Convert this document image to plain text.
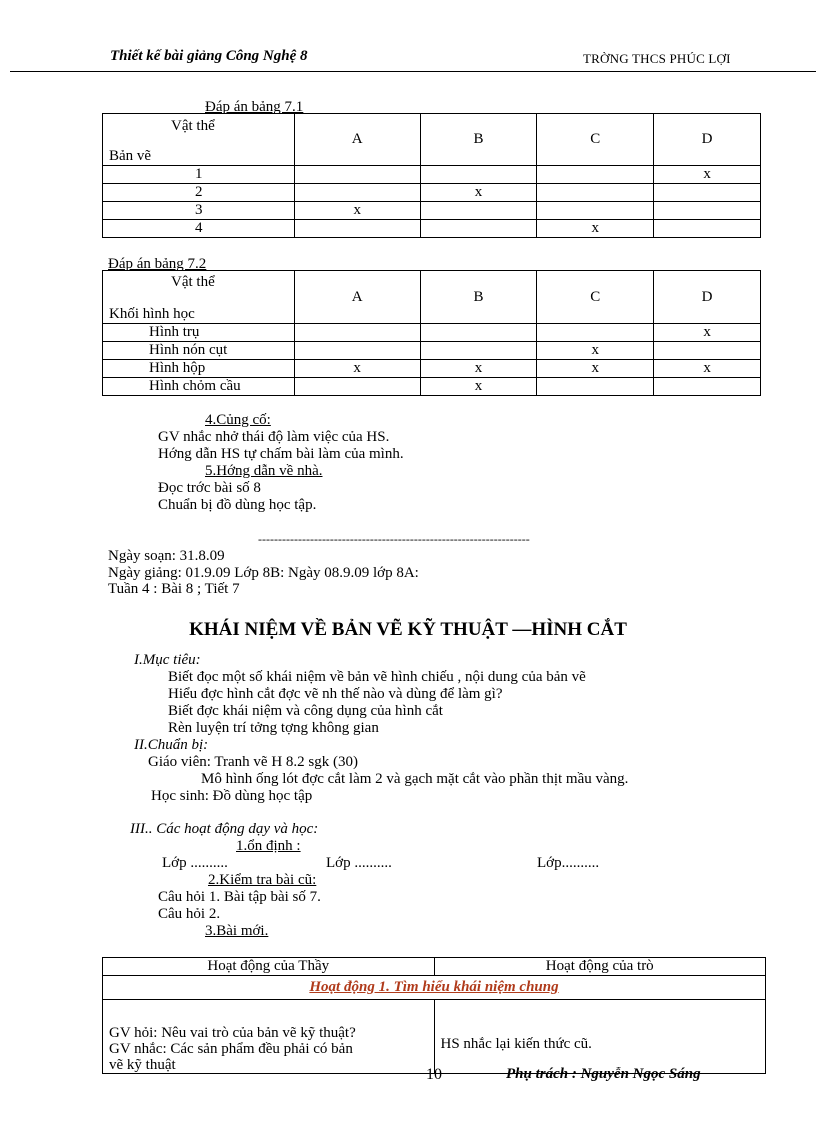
Thiết kế bài giảng Công Nghệ 8	TRỜNG THCS PHÚC LỢI
Đáp án bảng 7.1
Vật thể
Bản vẽ	A	B	C	D
1				x
2		x		
3	x			
4			x	
Đáp án bảng 7.2
Vật thể
Khối hình học	A	B	C	D
Hình trụ				x
Hình nón cụt			x	
Hình hộp	x	x	x	x
Hình chỏm cầu		x		
4.Củng cố:
GV nhắc nhở thái độ làm việc của HS.
Hớng dẫn HS tự chấm bài làm của mình.
5.Hớng dẫn về nhà.
Đọc trớc bài số 8
Chuẩn bị đồ dùng học tập.
--------------------------------------------------------------------
Ngày soạn: 31.8.09
Ngày giảng: 01.9.09 Lớp 8B: Ngày 08.9.09 lớp 8A:
Tuần 4 : Bài 8 ; Tiết 7
KHÁI NIỆM VỀ BẢN VẼ KỸ THUẬT —HÌNH CẮT
I.Mục tiêu:
Biết đọc một số khái niệm về bản vẽ hình chiếu , nội dung của bản vẽ
Hiểu đợc hình cắt đợc vẽ nh thế nào và dùng để làm gì?
Biết đợc khái niệm và công dụng của hình cắt
Rèn luyện trí tởng tợng không gian
II.Chuẩn bị:
Giáo viên: Tranh vẽ H 8.2 sgk (30)
Mô hình ống lót đợc cắt làm 2 và gạch mặt cắt vào phần thịt mầu vàng.
Học sinh: Đồ dùng học tập
III.. Các hoạt động dạy và học:
1.ổn định :
Lớp ..........	Lớp ..........	Lớp..........
2.Kiểm tra bài cũ:
Câu hỏi 1. Bài tập bài số 7.
Câu hỏi 2.
3.Bài mới.
Hoạt động của Thầy	Hoạt động của trò
Hoạt động 1. Tìm hiểu khái niệm chung	

GV hỏi: Nêu vai trò của bản vẽ kỹ thuật?
GV nhắc: Các sản phẩm đều phải có bản
vẽ kỹ thuật	HS nhắc lại kiến thức cũ.
10	Phụ trách : Nguyễn Ngọc Sáng
